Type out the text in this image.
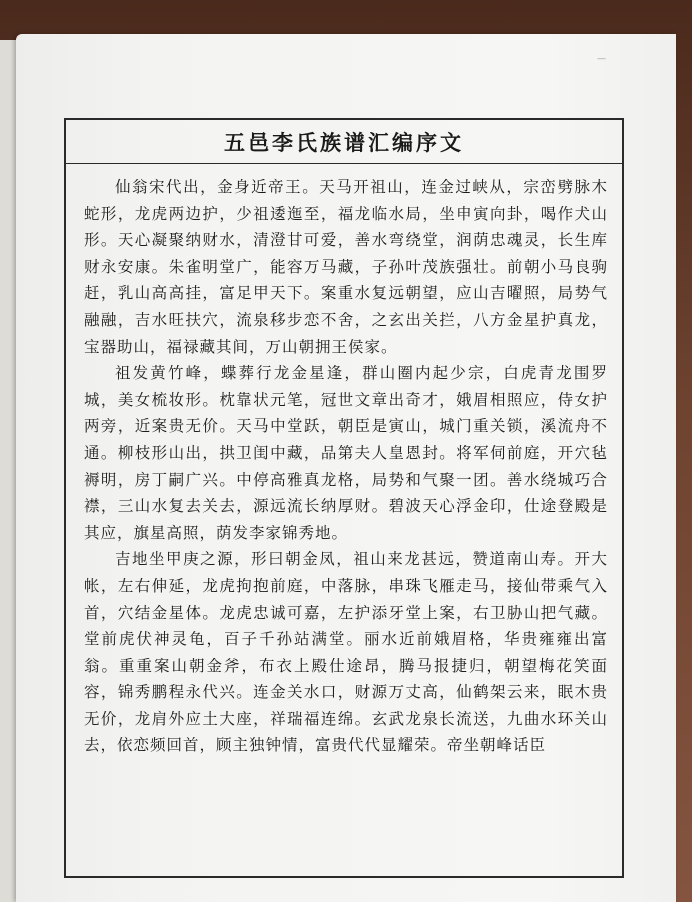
—
五邑李氏族谱汇编序文

仙翁宋代出，金身近帝王。天马开祖山，连金过峡从，宗峦劈脉木蛇形，龙虎两边护，少祖逶迤至，福龙临水局，坐申寅向卦，喝作犬山形。天心凝聚纳财水，清澄甘可爱，善水弯绕堂，润荫忠魂灵，长生库财永安康。朱雀明堂广，能容万马藏，子孙叶茂族强壮。前朝小马良驹赶，乳山高高挂，富足甲天下。案重水复远朝望，应山吉曜照，局势气融融，吉水旺扶穴，流泉移步恋不舍，之玄出关拦，八方金星护真龙，宝器助山，福禄藏其间，万山朝拥王侯家。

祖发黄竹峰，蝶葬行龙金星逢，群山圈内起少宗，白虎青龙围罗城，美女梳妆形。枕靠状元笔，冠世文章出奇才，娥眉相照应，侍女护两旁，近案贵无价。天马中堂跃，朝臣是寅山，城门重关锁，溪流舟不通。柳枝形山出，拱卫闺中藏，品第夫人皇恩封。将军伺前庭，开穴毡褥明，房丁嗣广兴。中停高雅真龙格，局势和气聚一团。善水绕城巧合襟，三山水复去关去，源远流长纳厚财。碧波天心浮金印，仕途登殿是其应，旗星高照，荫发李家锦秀地。

吉地坐甲庚之源，形曰朝金凤，祖山来龙甚远，赞道南山寿。开大帐，左右伸延，龙虎拘抱前庭，中落脉，串珠飞雁走马，接仙带乘气入首，穴结金星体。龙虎忠诚可嘉，左护添牙堂上案，右卫胁山把气藏。堂前虎伏神灵龟，百子千孙站满堂。丽水近前娥眉格，华贵雍雍出富翁。重重案山朝金斧，布衣上殿仕途昂，腾马报捷归，朝望梅花笑面容，锦秀鹏程永代兴。连金关水口，财源万丈高，仙鹤架云来，眠木贵无价，龙肩外应土大座，祥瑞福连绵。玄武龙泉长流送，九曲水环关山去，依恋频回首，顾主独钟情，富贵代代显耀荣。帝坐朝峰话臣
